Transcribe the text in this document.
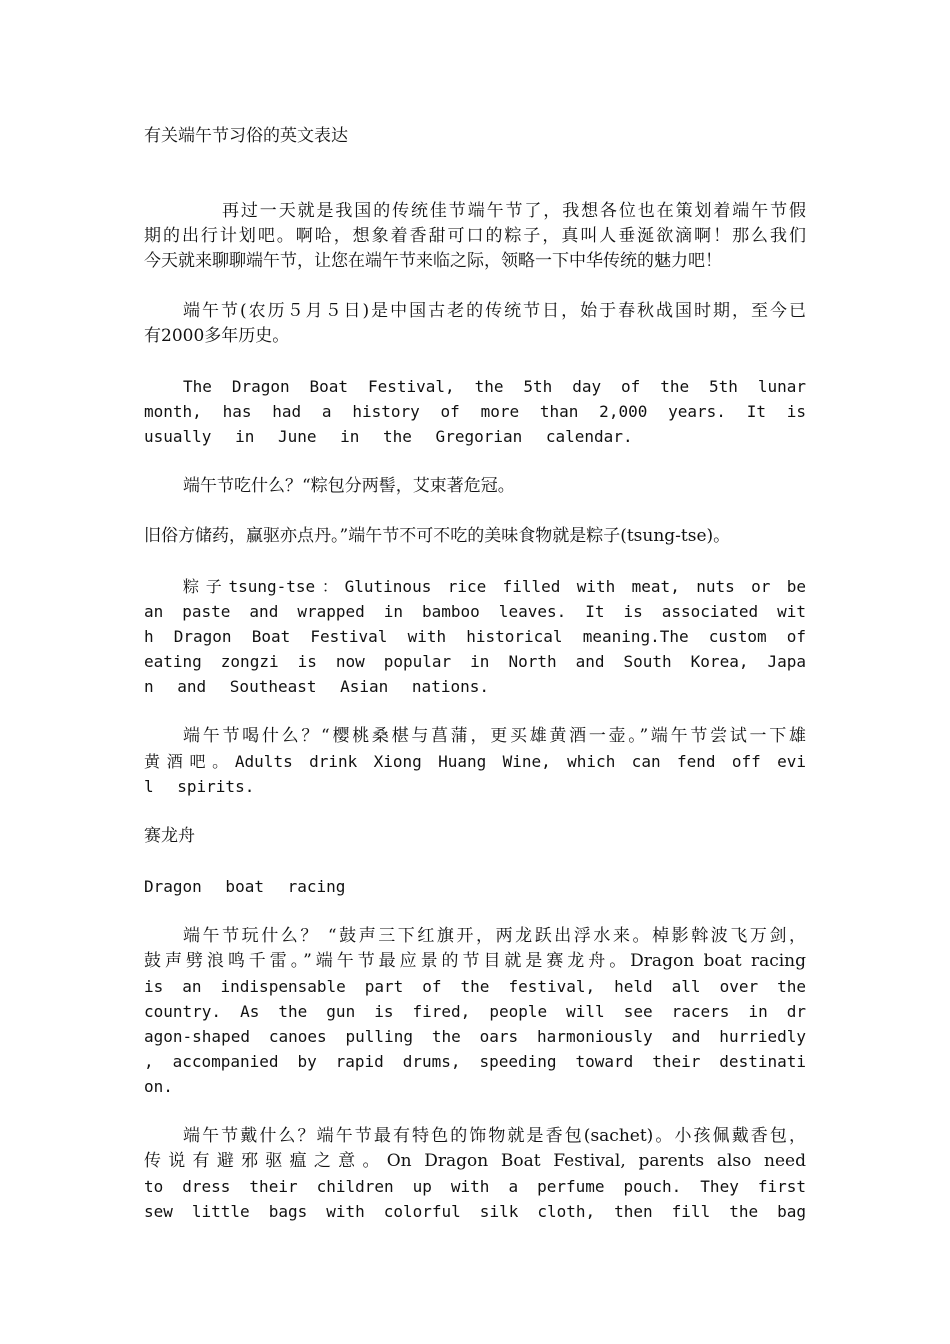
有关端午节习俗的英文表达
再过一天就是我国的传统佳节端午节了，我想各位也在策划着端午节假
期的出行计划吧。啊哈，想象着香甜可口的粽子，真叫人垂涎欲滴啊！那么我们
今天就来聊聊端午节，让您在端午节来临之际，领略一下中华传统的魅力吧！
端午节(农历５月５日)是中国古老的传统节日，始于春秋战国时期，至今已
有2000多年历史。
The Dragon Boat Festival, the 5th day of the 5th lunar
month, has had a history of more than 2,000 years. It is
usually in June in the Gregorian calendar.
端午节吃什么？“粽包分两髻，艾束著危冠。
旧俗方储药，赢驱亦点丹。”端午节不可不吃的美味食物就是粽子(tsung-tse)。
粽子tsung-tse：Glutinous rice filled with meat, nuts or be
an paste and wrapped in bamboo leaves. It is associated wit
h Dragon Boat Festival with historical meaning.The custom of
eating zongzi is now popular in North and South Korea, Japa
n and Southeast Asian nations.
端午节喝什么？“樱桃桑椹与菖蒲，更买雄黄酒一壶。”端午节尝试一下雄
黄酒吧。Adults drink Xiong Huang Wine, which can fend off evi
l spirits.
赛龙舟
Dragon boat racing
端午节玩什么？ “鼓声三下红旗开，两龙跃出浮水来。棹影斡波飞万剑，
鼓声劈浪鸣千雷。”端午节最应景的节目就是赛龙舟。Dragon boat racing
is an indispensable part of the festival, held all over the
country. As the gun is fired, people will see racers in dr
agon-shaped canoes pulling the oars harmoniously and hurriedly
, accompanied by rapid drums, speeding toward their destinati
on.
端午节戴什么？端午节最有特色的饰物就是香包(sachet)。小孩佩戴香包，
传说有避邪驱瘟之意。On Dragon Boat Festival, parents also need
to dress their children up with a perfume pouch. They first
sew little bags with colorful silk cloth, then fill the bag
